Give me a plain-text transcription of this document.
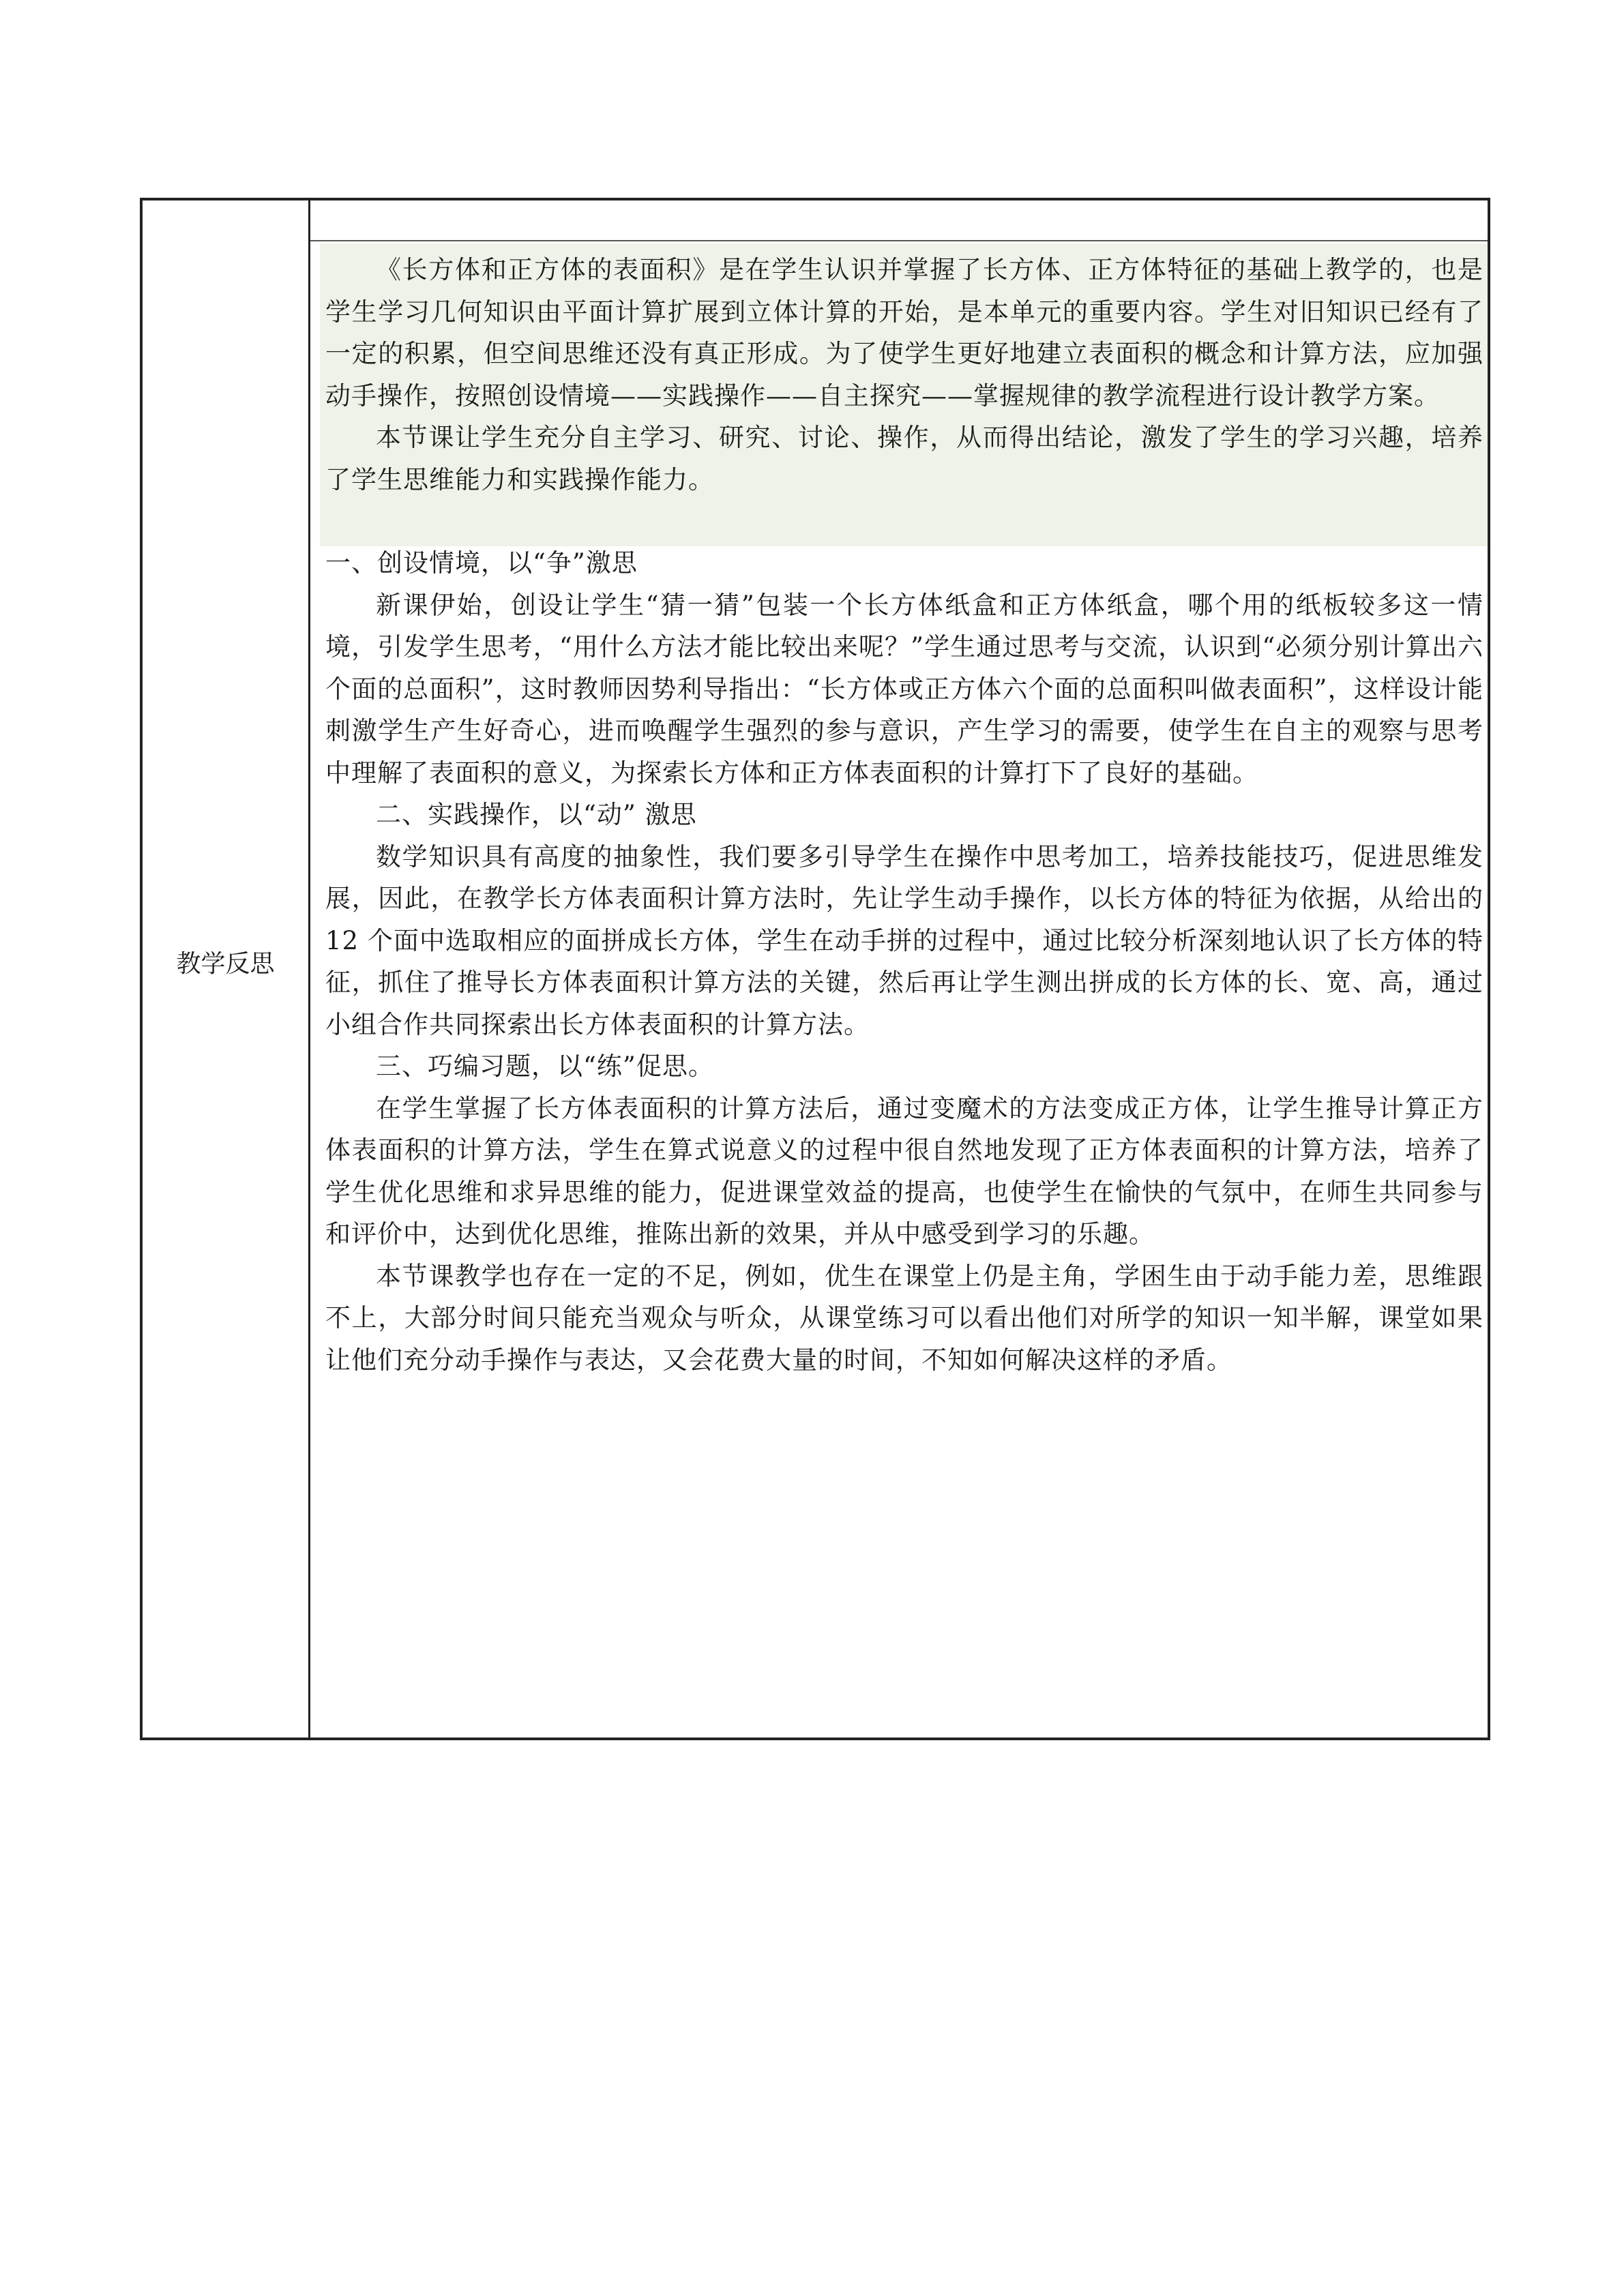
教学反思

《长方体和正方体的表面积》是在学生认识并掌握了长方体、正方体特征的基础上教学的，也是学生学习几何知识由平面计算扩展到立体计算的开始，是本单元的重要内容。学生对旧知识已经有了一定的积累，但空间思维还没有真正形成。为了使学生更好地建立表面积的概念和计算方法，应加强动手操作，按照创设情境——实践操作——自主探究——掌握规律的教学流程进行设计教学方案。

本节课让学生充分自主学习、研究、讨论、操作，从而得出结论，激发了学生的学习兴趣，培养了学生思维能力和实践操作能力。

一、创设情境，以“争”激思

新课伊始，创设让学生“猜一猜”包装一个长方体纸盒和正方体纸盒，哪个用的纸板较多这一情境，引发学生思考，“用什么方法才能比较出来呢？”学生通过思考与交流，认识到“必须分别计算出六个面的总面积”，这时教师因势利导指出：“长方体或正方体六个面的总面积叫做表面积”，这样设计能刺激学生产生好奇心，进而唤醒学生强烈的参与意识，产生学习的需要，使学生在自主的观察与思考中理解了表面积的意义，为探索长方体和正方体表面积的计算打下了良好的基础。

二、实践操作，以“动” 激思

数学知识具有高度的抽象性，我们要多引导学生在操作中思考加工，培养技能技巧，促进思维发展，因此，在教学长方体表面积计算方法时，先让学生动手操作，以长方体的特征为依据，从给出的 12 个面中选取相应的面拼成长方体，学生在动手拼的过程中，通过比较分析深刻地认识了长方体的特征，抓住了推导长方体表面积计算方法的关键，然后再让学生测出拼成的长方体的长、宽、高，通过小组合作共同探索出长方体表面积的计算方法。

三、巧编习题，以“练”促思。

在学生掌握了长方体表面积的计算方法后，通过变魔术的方法变成正方体，让学生推导计算正方体表面积的计算方法，学生在算式说意义的过程中很自然地发现了正方体表面积的计算方法，培养了学生优化思维和求异思维的能力，促进课堂效益的提高，也使学生在愉快的气氛中，在师生共同参与和评价中，达到优化思维，推陈出新的效果，并从中感受到学习的乐趣。

本节课教学也存在一定的不足，例如，优生在课堂上仍是主角，学困生由于动手能力差，思维跟不上，大部分时间只能充当观众与听众，从课堂练习可以看出他们对所学的知识一知半解，课堂如果让他们充分动手操作与表达，又会花费大量的时间，不知如何解决这样的矛盾。
